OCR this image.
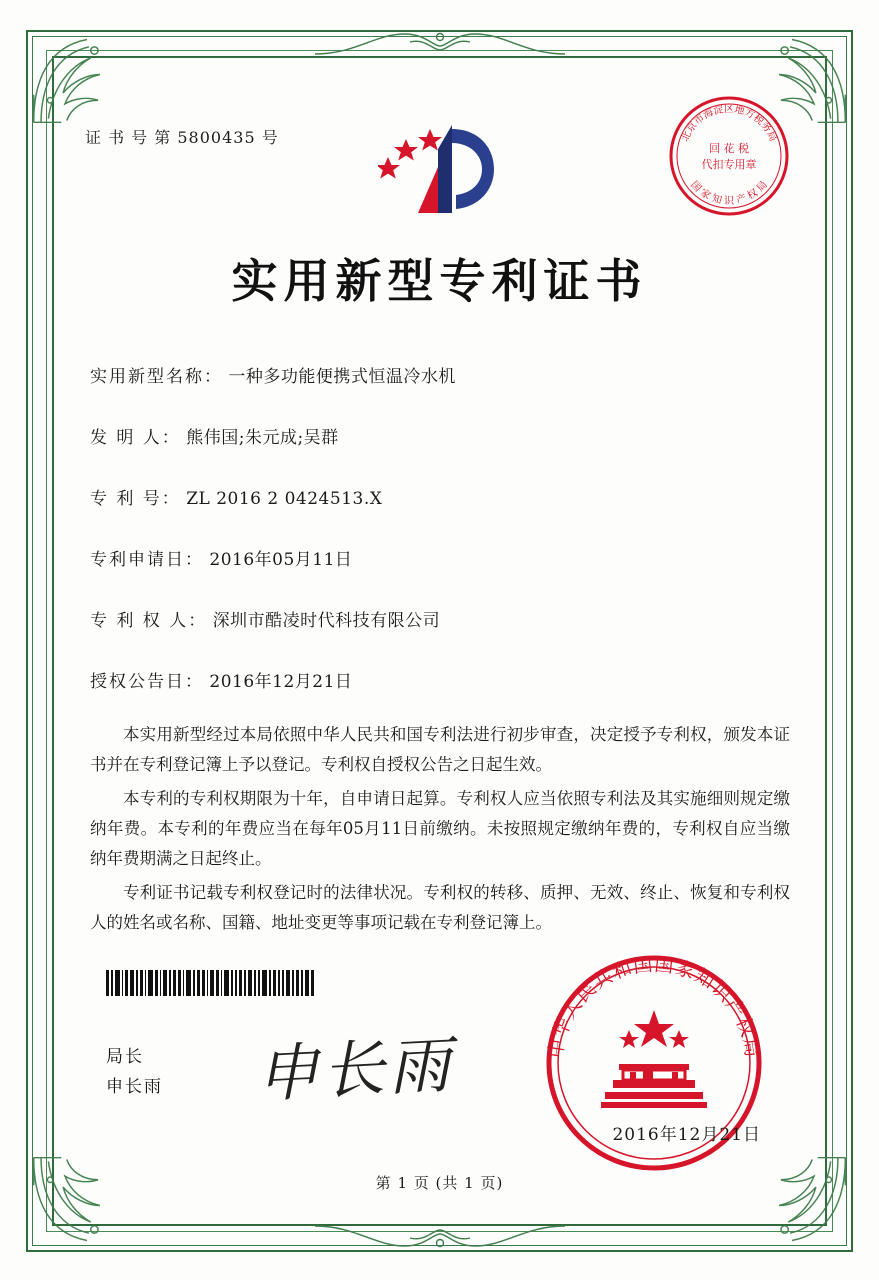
证 书 号 第 5800435 号	北京市海淀区地方税务局
国 家 知 识 产 权 局
回 花 税
代扣专用章
实用新型专利证书
实用新型名称： 一种多功能便携式恒温冷水机
发 明 人： 熊伟国;朱元成;吴群
专 利 号： ZL 2016 2 0424513.X
专利申请日： 2016年05月11日
专 利 权 人： 深圳市酷凌时代科技有限公司
授权公告日： 2016年12月21日

本实用新型经过本局依照中华人民共和国专利法进行初步审查，决定授予专利权，颁发本证书并在专利登记簿上予以登记。专利权自授权公告之日起生效。

本专利的专利权期限为十年，自申请日起算。专利权人应当依照专利法及其实施细则规定缴纳年费。本专利的年费应当在每年05月11日前缴纳。未按照规定缴纳年费的，专利权自应当缴纳年费期满之日起终止。

专利证书记载专利权登记时的法律状况。专利权的转移、质押、无效、终止、恢复和专利权人的姓名或名称、国籍、地址变更等事项记载在专利登记簿上。

局长
申长雨 申长雨	中华人民共和国国家知识产权局
2016年12月21日
第 1 页 (共 1 页)
